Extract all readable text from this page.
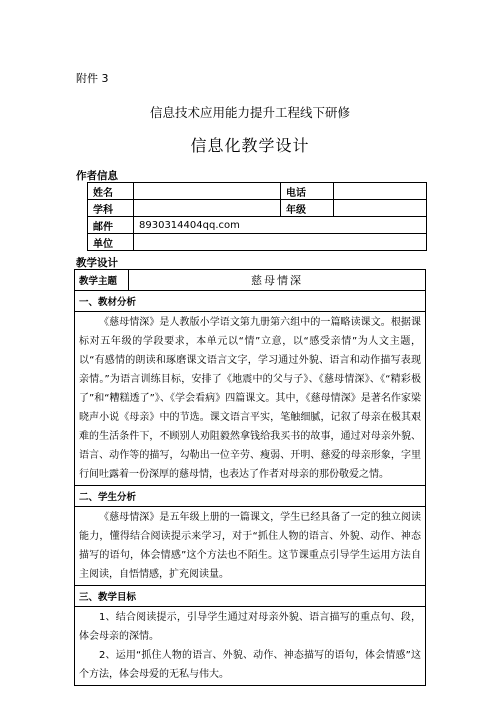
附件 3
信息技术应用能力提升工程线下研修
信息化教学设计
作者信息
姓名		电话	
学科		年级	
邮件	8930314404qq.com		
单位			
教学设计
教学主题	慈母情深
一、教材分析

《慈母情深》是人教版小学语文第九册第六组中的一篇略读课文。根据课标对五年级的学段要求，本单元以“情”立意，以“感受亲情”为人文主题，以“有感情的朗读和琢磨课文语言文字，学习通过外貌、语言和动作描写表现亲情。”为语言训练目标，安排了《地震中的父与子》、《慈母情深》、《“精彩极了”和“糟糕透了”》、《学会看病》四篇课文。其中，《慈母情深》是著名作家梁晓声小说《母亲》中的节选。课文语言平实，笔触细腻，记叙了母亲在极其艰难的生活条件下，不顾别人劝阻毅然拿钱给我买书的故事，通过对母亲外貌、语言、动作等的描写，勾勒出一位辛劳、瘦弱、开明、慈爱的母亲形象，字里行间吐露着一份深厚的慈母情，也表达了作者对母亲的那份敬爱之情。

二、学生分析

《慈母情深》是五年级上册的一篇课文，学生已经具备了一定的独立阅读能力，懂得结合阅读提示来学习，对于“抓住人物的语言、外貌、动作、神态描写的语句，体会情感”这个方法也不陌生。这节课重点引导学生运用方法自主阅读，自悟情感，扩充阅读量。

三、教学目标

1、结合阅读提示，引导学生通过对母亲外貌、语言描写的重点句、段，体会母亲的深情。

2、运用“抓住人物的语言、外貌、动作、神态描写的语句，体会情感”这个方法，体会母爱的无私与伟大。
